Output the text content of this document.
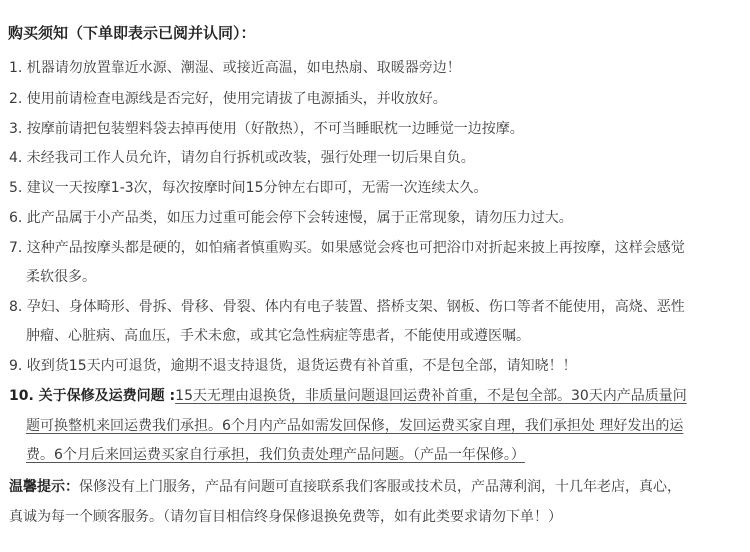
购买须知（下单即表示已阅并认同）：
1. 机器请勿放置靠近水源、潮湿、或接近高温，如电热扇、取暖器旁边！
2. 使用前请检查电源线是否完好，使用完请拔了电源插头，并收放好。
3. 按摩前请把包装塑料袋去掉再使用（好散热），不可当睡眠枕一边睡觉一边按摩。
4. 未经我司工作人员允许，请勿自行拆机或改装，强行处理一切后果自负。
5. 建议一天按摩1-3次，每次按摩时间15分钟左右即可，无需一次连续太久。
6. 此产品属于小产品类，如压力过重可能会停下会转速慢，属于正常现象，请勿压力过大。
7. 这种产品按摩头都是硬的，如怕痛者慎重购买。如果感觉会疼也可把浴巾对折起来披上再按摩，这样会感觉
柔软很多。
8. 孕妇、身体畸形、骨拆、骨移、骨裂、体内有电子装置、搭桥支架、钢板、伤口等者不能使用，高烧、恶性
肿瘤、心脏病、高血压，手术未愈，或其它急性病症等患者，不能使用或遵医嘱。
9. 收到货15天内可退货，逾期不退支持退货，退货运费有补首重，不是包全部，请知晓！！
10. 关于保修及运费问题 :15天无理由退换货，非质量问题退回运费补首重，不是包全部。30天内产品质量问
题可换整机来回运费我们承担。6个月内产品如需发回保修，发回运费买家自理，我们承担处 理好发出的运
费。6个月后来回运费买家自行承担，我们负责处理产品问题。（产品一年保修。）
温馨提示：保修没有上门服务，产品有问题可直接联系我们客服或技术员，产品薄利润，十几年老店，真心，
真诚为每一个顾客服务。（请勿盲目相信终身保修退换免费等，如有此类要求请勿下单！）
